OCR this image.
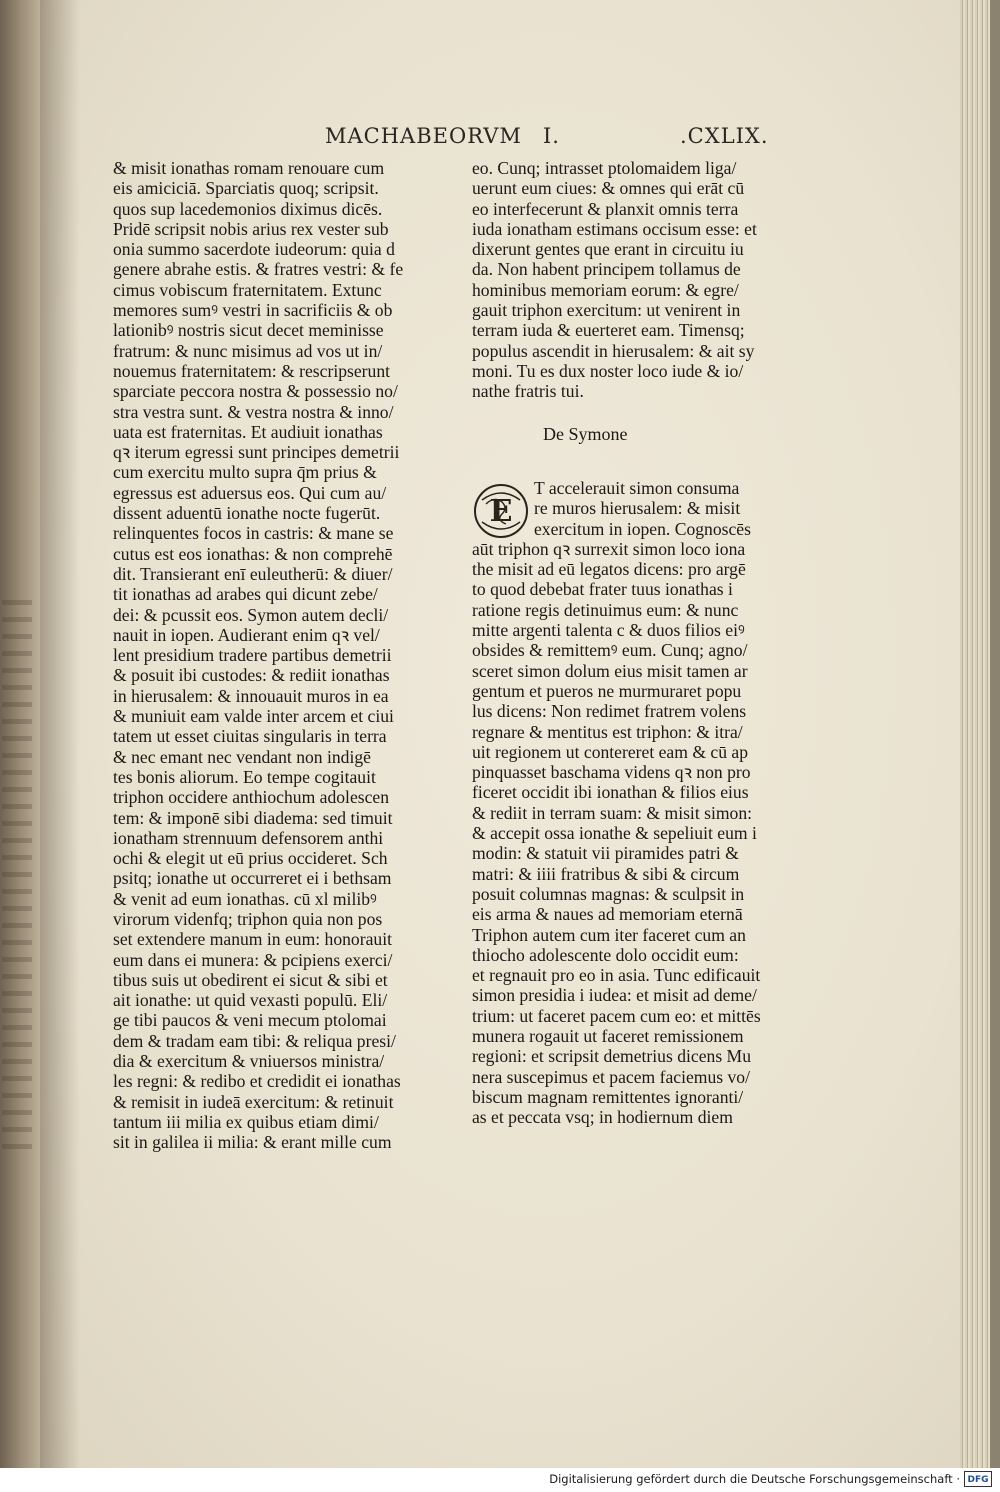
MACHABEORVM I.	.CXLIX.
& misit ionathas romam renouare cum
eis amiciciā. Sparciatis quoq; scripsit.
quos sup lacedemonios diximus dicēs.
Pridē scripsit nobis arius rex vester sub
onia summo sacerdote iudeorum: quia d
genere abrahe estis. & fratres vestri: & fe
cimus vobiscum fraternitatem. Extunc
memores sumꝰ vestri in sacrificiis & ob
lationibꝰ nostris sicut decet meminisse
fratrum: & nunc misimus ad vos ut in/
nouemus fraternitatem: & rescripserunt
sparciate peccora nostra & possessio no/
stra vestra sunt. & vestra nostra & inno/
uata est fraternitas. Et audiuit ionathas
qꝛ iterum egressi sunt principes demetrii
cum exercitu multo supra q̄m prius &
egressus est aduersus eos. Qui cum au/
dissent aduentū ionathe nocte fugerūt.
relinquentes focos in castris: & mane se
cutus est eos ionathas: & non comprehē
dit. Transierant enī euleutherū: & diuer/
tit ionathas ad arabes qui dicunt zebe/
dei: & pcussit eos. Symon autem decli/
nauit in iopen. Audierant enim qꝛ vel/
lent presidium tradere partibus demetrii
& posuit ibi custodes: & rediit ionathas
in hierusalem: & innouauit muros in ea
& muniuit eam valde inter arcem et ciui
tatem ut esset ciuitas singularis in terra
& nec emant nec vendant non indigē
tes bonis aliorum. Eo tempe cogitauit
triphon occidere anthiochum adolescen
tem: & imponē sibi diadema: sed timuit
ionatham strennuum defensorem anthi
ochi & elegit ut eū prius occideret. Sch
psitq; ionathe ut occurreret ei i bethsam
& venit ad eum ionathas. cū xl milibꝰ
virorum videnfq; triphon quia non pos
set extendere manum in eum: honorauit
eum dans ei munera: & pcipiens exerci/
tibus suis ut obedirent ei sicut & sibi et
ait ionathe: ut quid vexasti populū. Eli/
ge tibi paucos & veni mecum ptolomai
dem & tradam eam tibi: & reliqua presi/
dia & exercitum & vniuersos ministra/
les regni: & redibo et credidit ei ionathas
& remisit in iudeā exercitum: & retinuit
tantum iii milia ex quibus etiam dimi/
sit in galilea ii milia: & erant mille cum
eo. Cunq; intrasset ptolomaidem liga/
uerunt eum ciues: & omnes qui erāt cū
eo interfecerunt & planxit omnis terra
iuda ionatham estimans occisum esse: et
dixerunt gentes que erant in circuitu iu
da. Non habent principem tollamus de
hominibus memoriam eorum: & egre/
gauit triphon exercitum: ut venirent in
terram iuda & euerteret eam. Timensq;
populus ascendit in hierusalem: & ait sy
moni. Tu es dux noster loco iude & io/
nathe fratris tui.
De Symone
E
T accelerauit simon consuma
re muros hierusalem: & misit
exercitum in iopen. Cognoscēs
aūt triphon qꝛ surrexit simon loco iona
the misit ad eū legatos dicens: pro argē
to quod debebat frater tuus ionathas i
ratione regis detinuimus eum: & nunc
mitte argenti talenta c & duos filios eiꝰ
obsides & remittemꝰ eum. Cunq; agno/
sceret simon dolum eius misit tamen ar
gentum et pueros ne murmuraret popu
lus dicens: Non redimet fratrem volens
regnare & mentitus est triphon: & itra/
uit regionem ut contereret eam & cū ap
pinquasset baschama videns qꝛ non pro
ficeret occidit ibi ionathan & filios eius
& rediit in terram suam: & misit simon:
& accepit ossa ionathe & sepeliuit eum i
modin: & statuit vii piramides patri &
matri: & iiii fratribus & sibi & circum
posuit columnas magnas: & sculpsit in
eis arma & naues ad memoriam eternā
Triphon autem cum iter faceret cum an
thiocho adolescente dolo occidit eum:
et regnauit pro eo in asia. Tunc edificauit
simon presidia i iudea: et misit ad deme/
trium: ut faceret pacem cum eo: et mittēs
munera rogauit ut faceret remissionem
regioni: et scripsit demetrius dicens Mu
nera suscepimus et pacem faciemus vo/
biscum magnam remittentes ignoranti/
as et peccata vsq; in hodiernum diem
Digitalisierung gefördert durch die Deutsche Forschungsgemeinschaft · DFG
